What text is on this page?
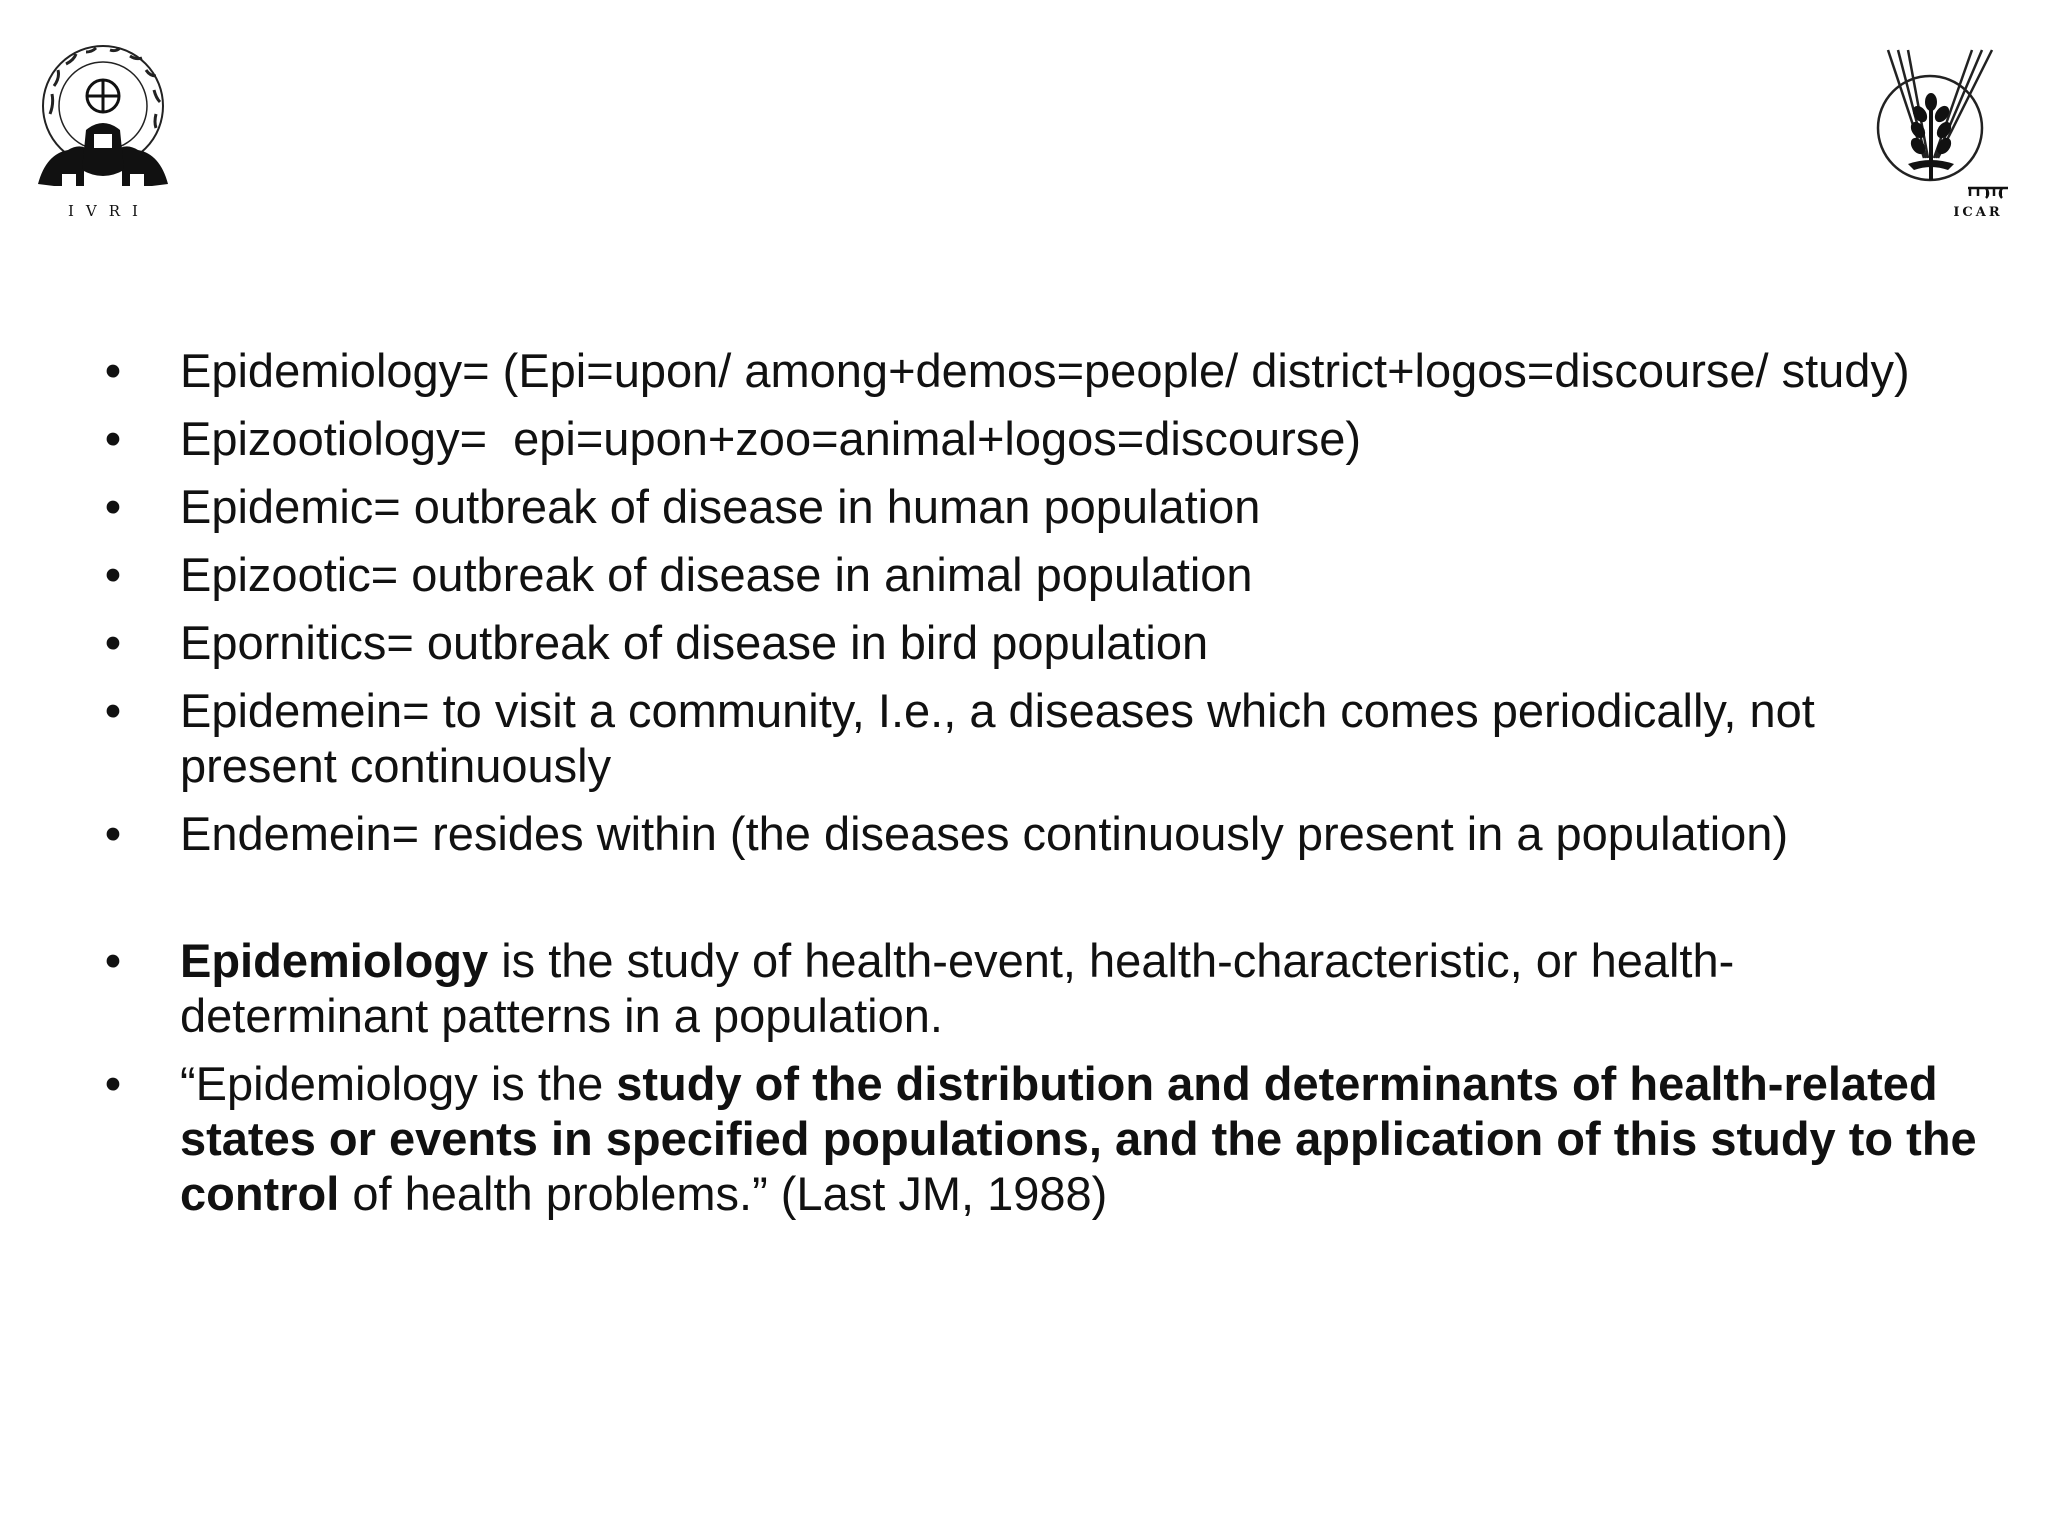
IVRI	ICAR
• Epidemiology= (Epi=upon/ among+demos=people/ district+logos=discourse/ study)
• Epizootiology=  epi=upon+zoo=animal+logos=discourse)
• Epidemic= outbreak of disease in human population
• Epizootic= outbreak of disease in animal population
• Epornitics= outbreak of disease in bird population
• Epidemein= to visit a community, I.e., a diseases which comes periodically, not present continuously
• Endemein= resides within (the diseases continuously present in a population)
• Epidemiology is the study of health-event, health-characteristic, or health-determinant patterns in a population.
• “Epidemiology is the study of the distribution and determinants of health-related states or events in specified populations, and the application of this study to the control of health problems.” (Last JM, 1988)
